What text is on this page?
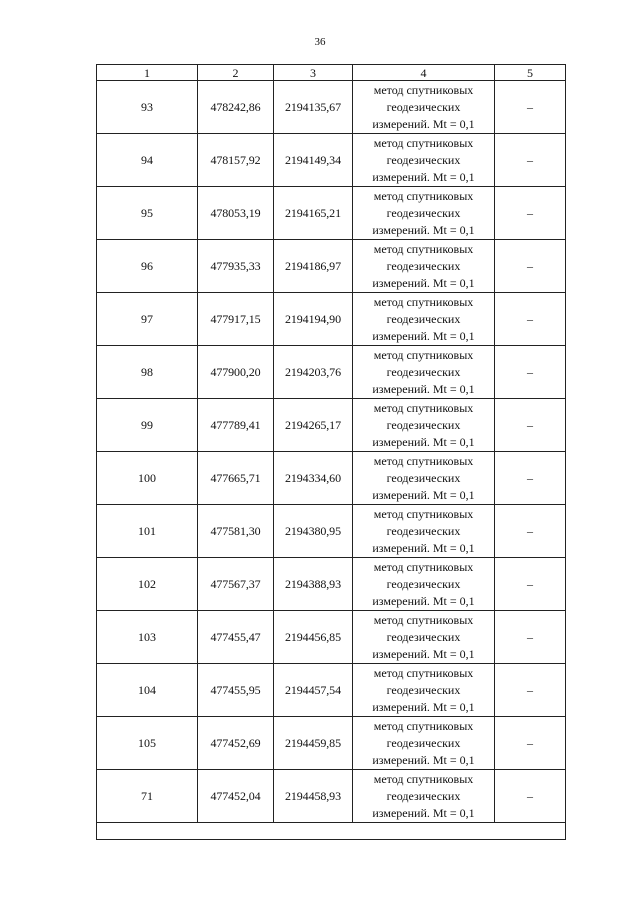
36
1	2	3	4	5
93	478242,86	2194135,67	метод спутниковых
геодезических
измерений. Mt = 0,1	–
94	478157,92	2194149,34	метод спутниковых
геодезических
измерений. Mt = 0,1	–
95	478053,19	2194165,21	метод спутниковых
геодезических
измерений. Mt = 0,1	–
96	477935,33	2194186,97	метод спутниковых
геодезических
измерений. Mt = 0,1	–
97	477917,15	2194194,90	метод спутниковых
геодезических
измерений. Mt = 0,1	–
98	477900,20	2194203,76	метод спутниковых
геодезических
измерений. Mt = 0,1	–
99	477789,41	2194265,17	метод спутниковых
геодезических
измерений. Mt = 0,1	–
100	477665,71	2194334,60	метод спутниковых
геодезических
измерений. Mt = 0,1	–
101	477581,30	2194380,95	метод спутниковых
геодезических
измерений. Mt = 0,1	–
102	477567,37	2194388,93	метод спутниковых
геодезических
измерений. Mt = 0,1	–
103	477455,47	2194456,85	метод спутниковых
геодезических
измерений. Mt = 0,1	–
104	477455,95	2194457,54	метод спутниковых
геодезических
измерений. Mt = 0,1	–
105	477452,69	2194459,85	метод спутниковых
геодезических
измерений. Mt = 0,1	–
71	477452,04	2194458,93	метод спутниковых
геодезических
измерений. Mt = 0,1	–
